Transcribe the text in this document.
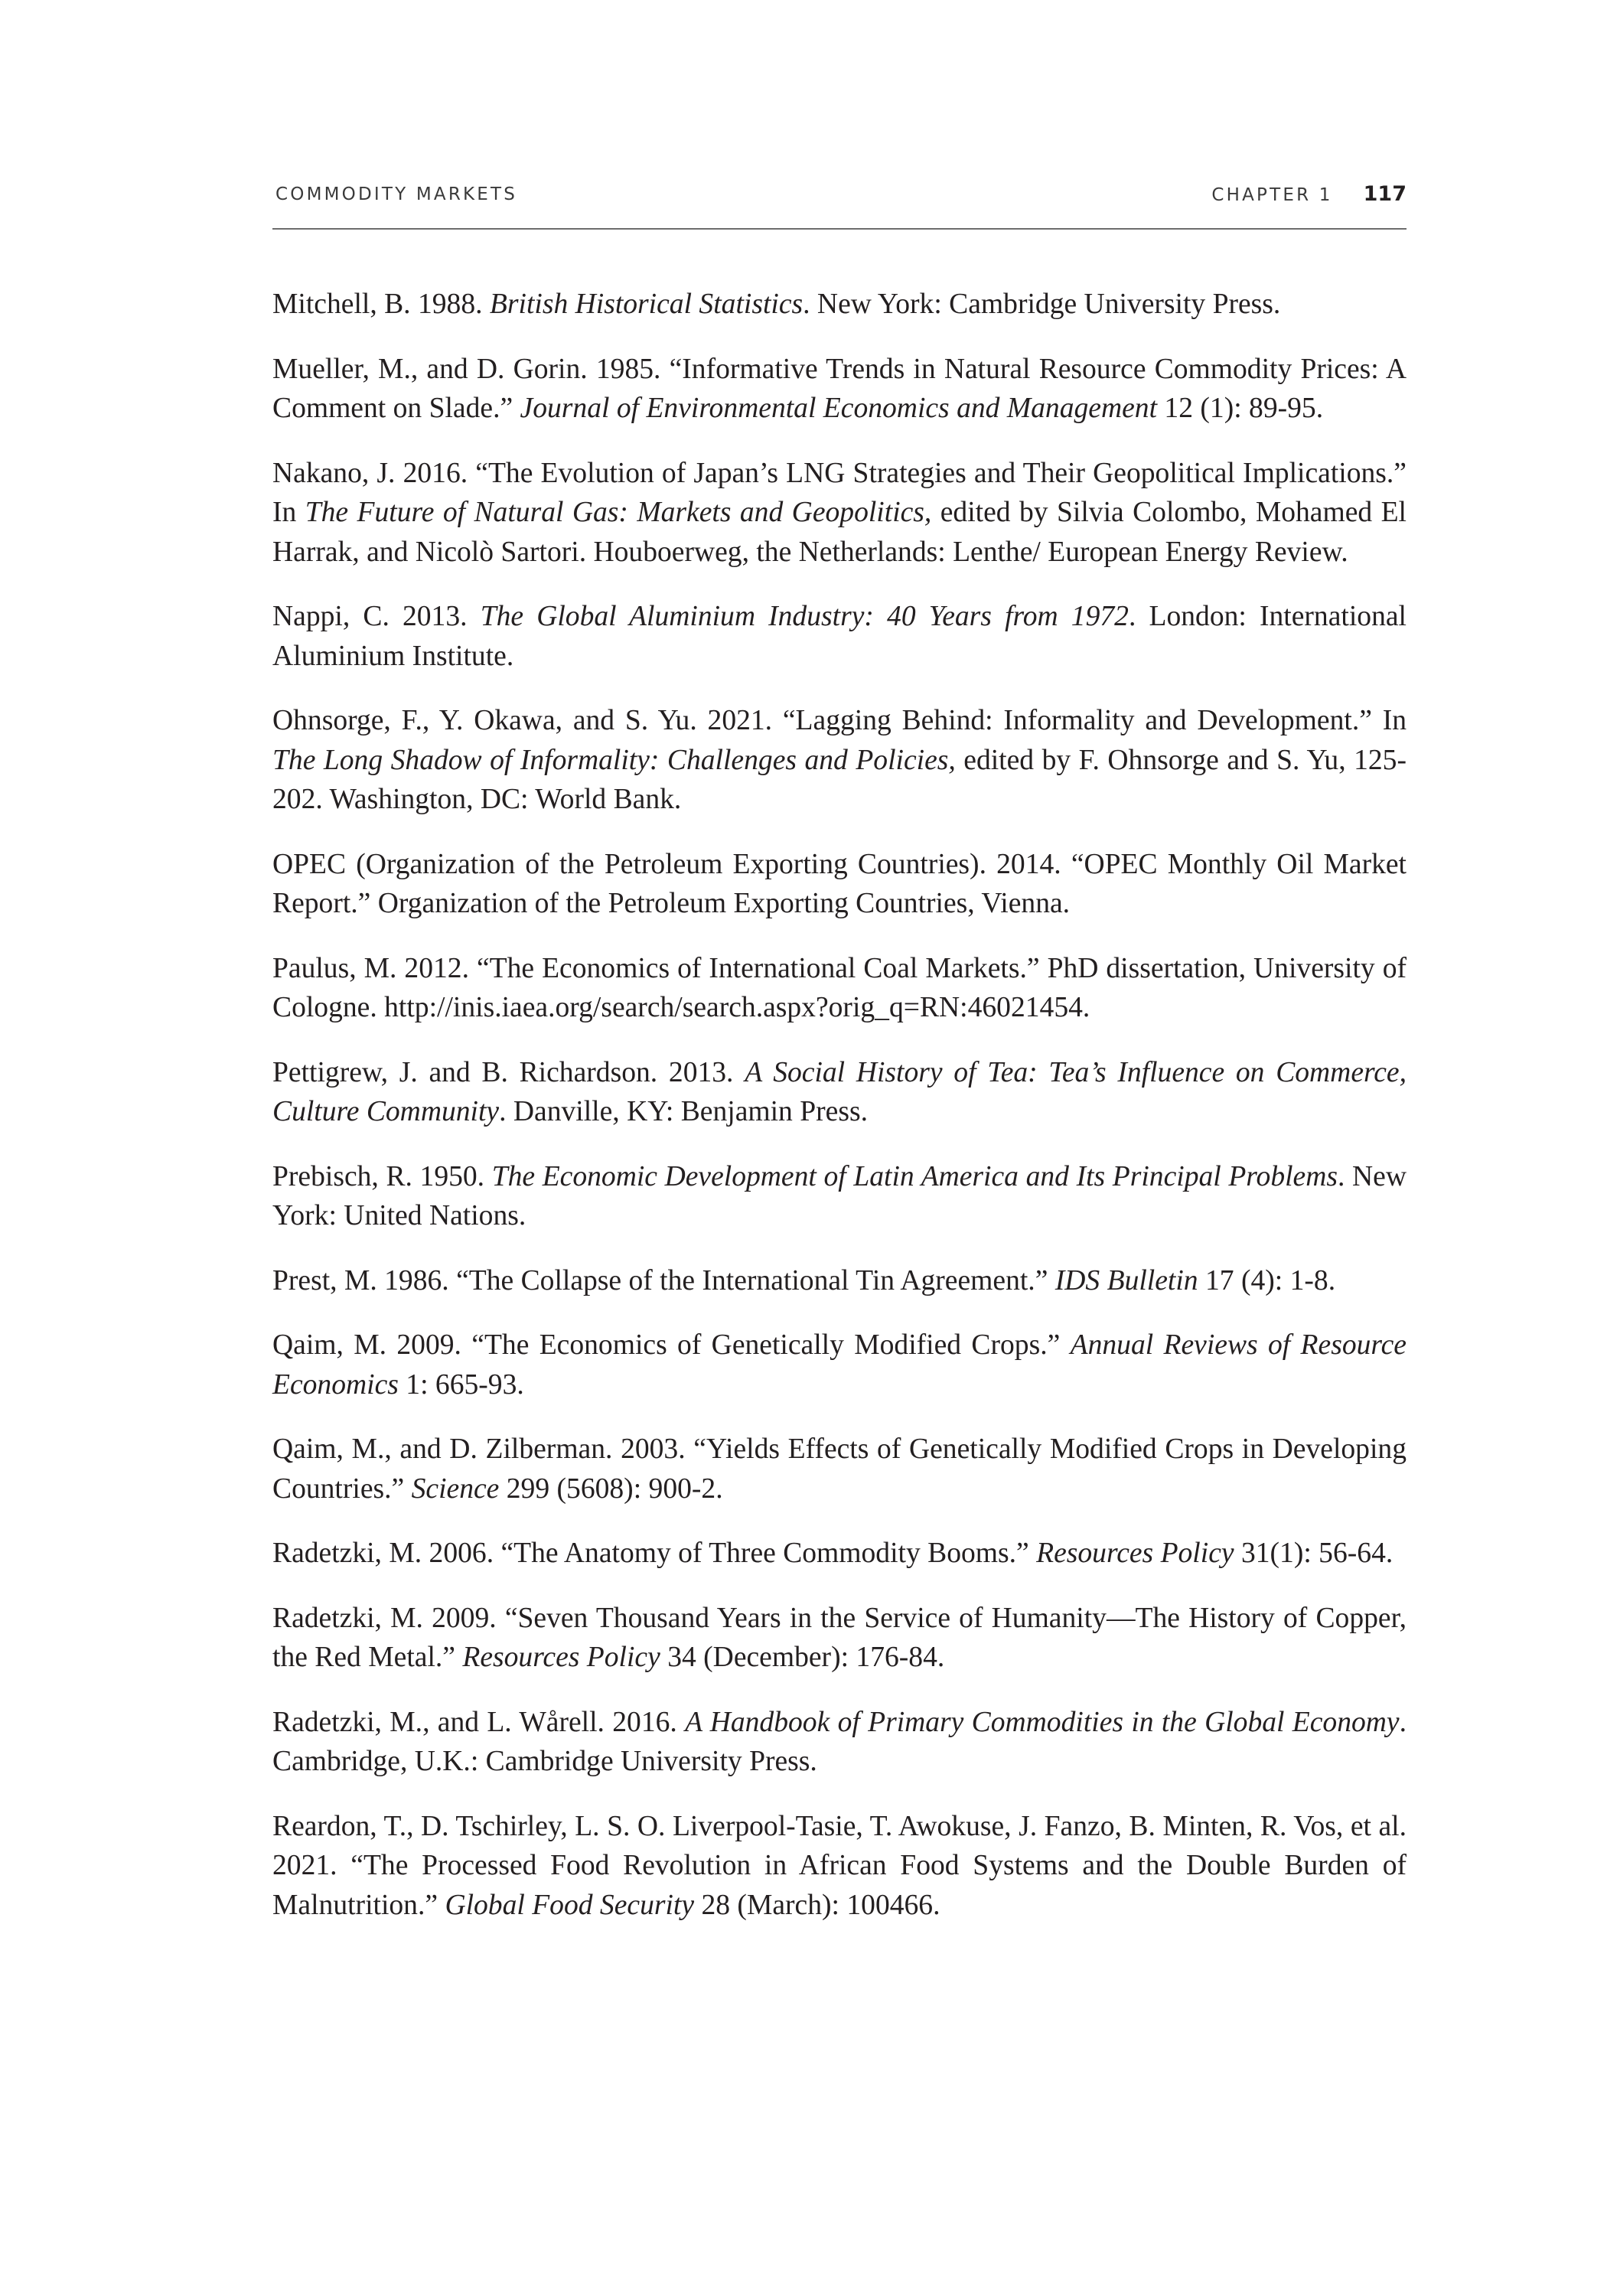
COMMODITY MARKETS	CHAPTER 1 117
Mitchell, B. 1988. British Historical Statistics. New York: Cambridge University Press.
Mueller, M., and D. Gorin. 1985. “Informative Trends in Natural Resource Commodity Prices: A Comment on Slade.” Journal of Environmental Economics and Management 12 (1): 89-95.
Nakano, J. 2016. “The Evolution of Japan’s LNG Strategies and Their Geopolitical Implications.” In The Future of Natural Gas: Markets and Geopolitics, edited by Silvia Colombo, Mohamed El Harrak, and Nicolò Sartori. Houboerweg, the Netherlands: Lenthe/ European Energy Review.
Nappi, C. 2013. The Global Aluminium Industry: 40 Years from 1972. London: International Aluminium Institute.
Ohnsorge, F., Y. Okawa, and S. Yu. 2021. “Lagging Behind: Informality and Development.” In The Long Shadow of Informality: Challenges and Policies, edited by F. Ohnsorge and S. Yu, 125-202. Washington, DC: World Bank.
OPEC (Organization of the Petroleum Exporting Countries). 2014. “OPEC Monthly Oil Market Report.” Organization of the Petroleum Exporting Countries, Vienna.
Paulus, M. 2012. “The Economics of International Coal Markets.” PhD dissertation, University of Cologne. http://inis.iaea.org/search/search.aspx?orig_q=RN:46021454.
Pettigrew, J. and B. Richardson. 2013. A Social History of Tea: Tea’s Influence on Commerce, Culture Community. Danville, KY: Benjamin Press.
Prebisch, R. 1950. The Economic Development of Latin America and Its Principal Problems. New York: United Nations.
Prest, M. 1986. “The Collapse of the International Tin Agreement.” IDS Bulletin 17 (4): 1-8.
Qaim, M. 2009. “The Economics of Genetically Modified Crops.” Annual Reviews of Resource Economics 1: 665-93.
Qaim, M., and D. Zilberman. 2003. “Yields Effects of Genetically Modified Crops in Developing Countries.” Science 299 (5608): 900-2.
Radetzki, M. 2006. “The Anatomy of Three Commodity Booms.” Resources Policy 31(1): 56-64.
Radetzki, M. 2009. “Seven Thousand Years in the Service of Humanity—The History of Copper, the Red Metal.” Resources Policy 34 (December): 176-84.
Radetzki, M., and L. Wårell. 2016. A Handbook of Primary Commodities in the Global Economy. Cambridge, U.K.: Cambridge University Press.
Reardon, T., D. Tschirley, L. S. O. Liverpool-Tasie, T. Awokuse, J. Fanzo, B. Minten, R. Vos, et al. 2021. “The Processed Food Revolution in African Food Systems and the Double Burden of Malnutrition.” Global Food Security 28 (March): 100466.
